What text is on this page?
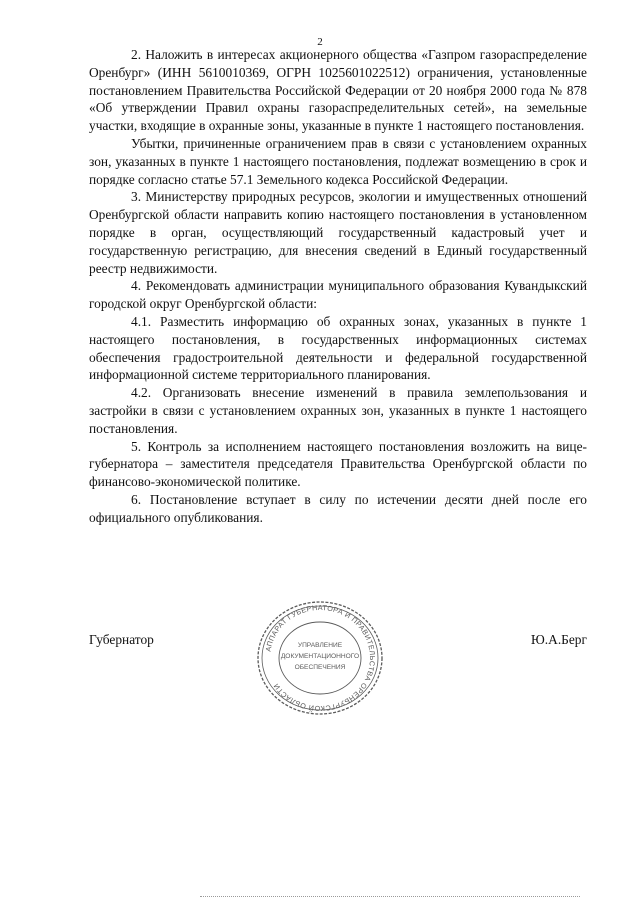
2

2. Наложить в интересах акционерного общества «Газпром газораспределение Оренбург» (ИНН 5610010369, ОГРН 1025601022512) ограничения, установленные постановлением Правительства Российской Федерации от 20 ноября 2000 года № 878 «Об утверждении Правил охраны газораспределительных сетей», на земельные участки, входящие в охранные зоны, указанные в пункте 1 настоящего постановления.

Убытки, причиненные ограничением прав в связи с установлением охранных зон, указанных в пункте 1 настоящего постановления, подлежат возмещению в срок и порядке согласно статье 57.1 Земельного кодекса Российской Федерации.

3. Министерству природных ресурсов, экологии и имущественных отношений Оренбургской области направить копию настоящего постановления в установленном порядке в орган, осуществляющий государственный кадастровый учет и государственную регистрацию, для внесения сведений в Единый государственный реестр недвижимости.

4. Рекомендовать администрации муниципального образования Кувандыкский городской округ Оренбургской области:

4.1. Разместить информацию об охранных зонах, указанных в пункте 1 настоящего постановления, в государственных информационных системах обеспечения градостроительной деятельности и федеральной государственной информационной системе территориального планирования.

4.2. Организовать внесение изменений в правила землепользования и застройки в связи с установлением охранных зон, указанных в пункте 1 настоящего постановления.

5. Контроль за исполнением настоящего постановления возложить на вице-губернатора – заместителя председателя Правительства Оренбургской области по финансово-экономической политике.

6. Постановление вступает в силу по истечении десяти дней после его официального опубликования.

Губернатор	Ю.А.Берг
АППАРАТ ГУБЕРНАТОРА И ПРАВИТЕЛЬСТВА ОРЕНБУРГСКОЙ ОБЛАСТИ
УПРАВЛЕНИЕ
ДОКУМЕНТАЦИОННОГО
ОБЕСПЕЧЕНИЯ
